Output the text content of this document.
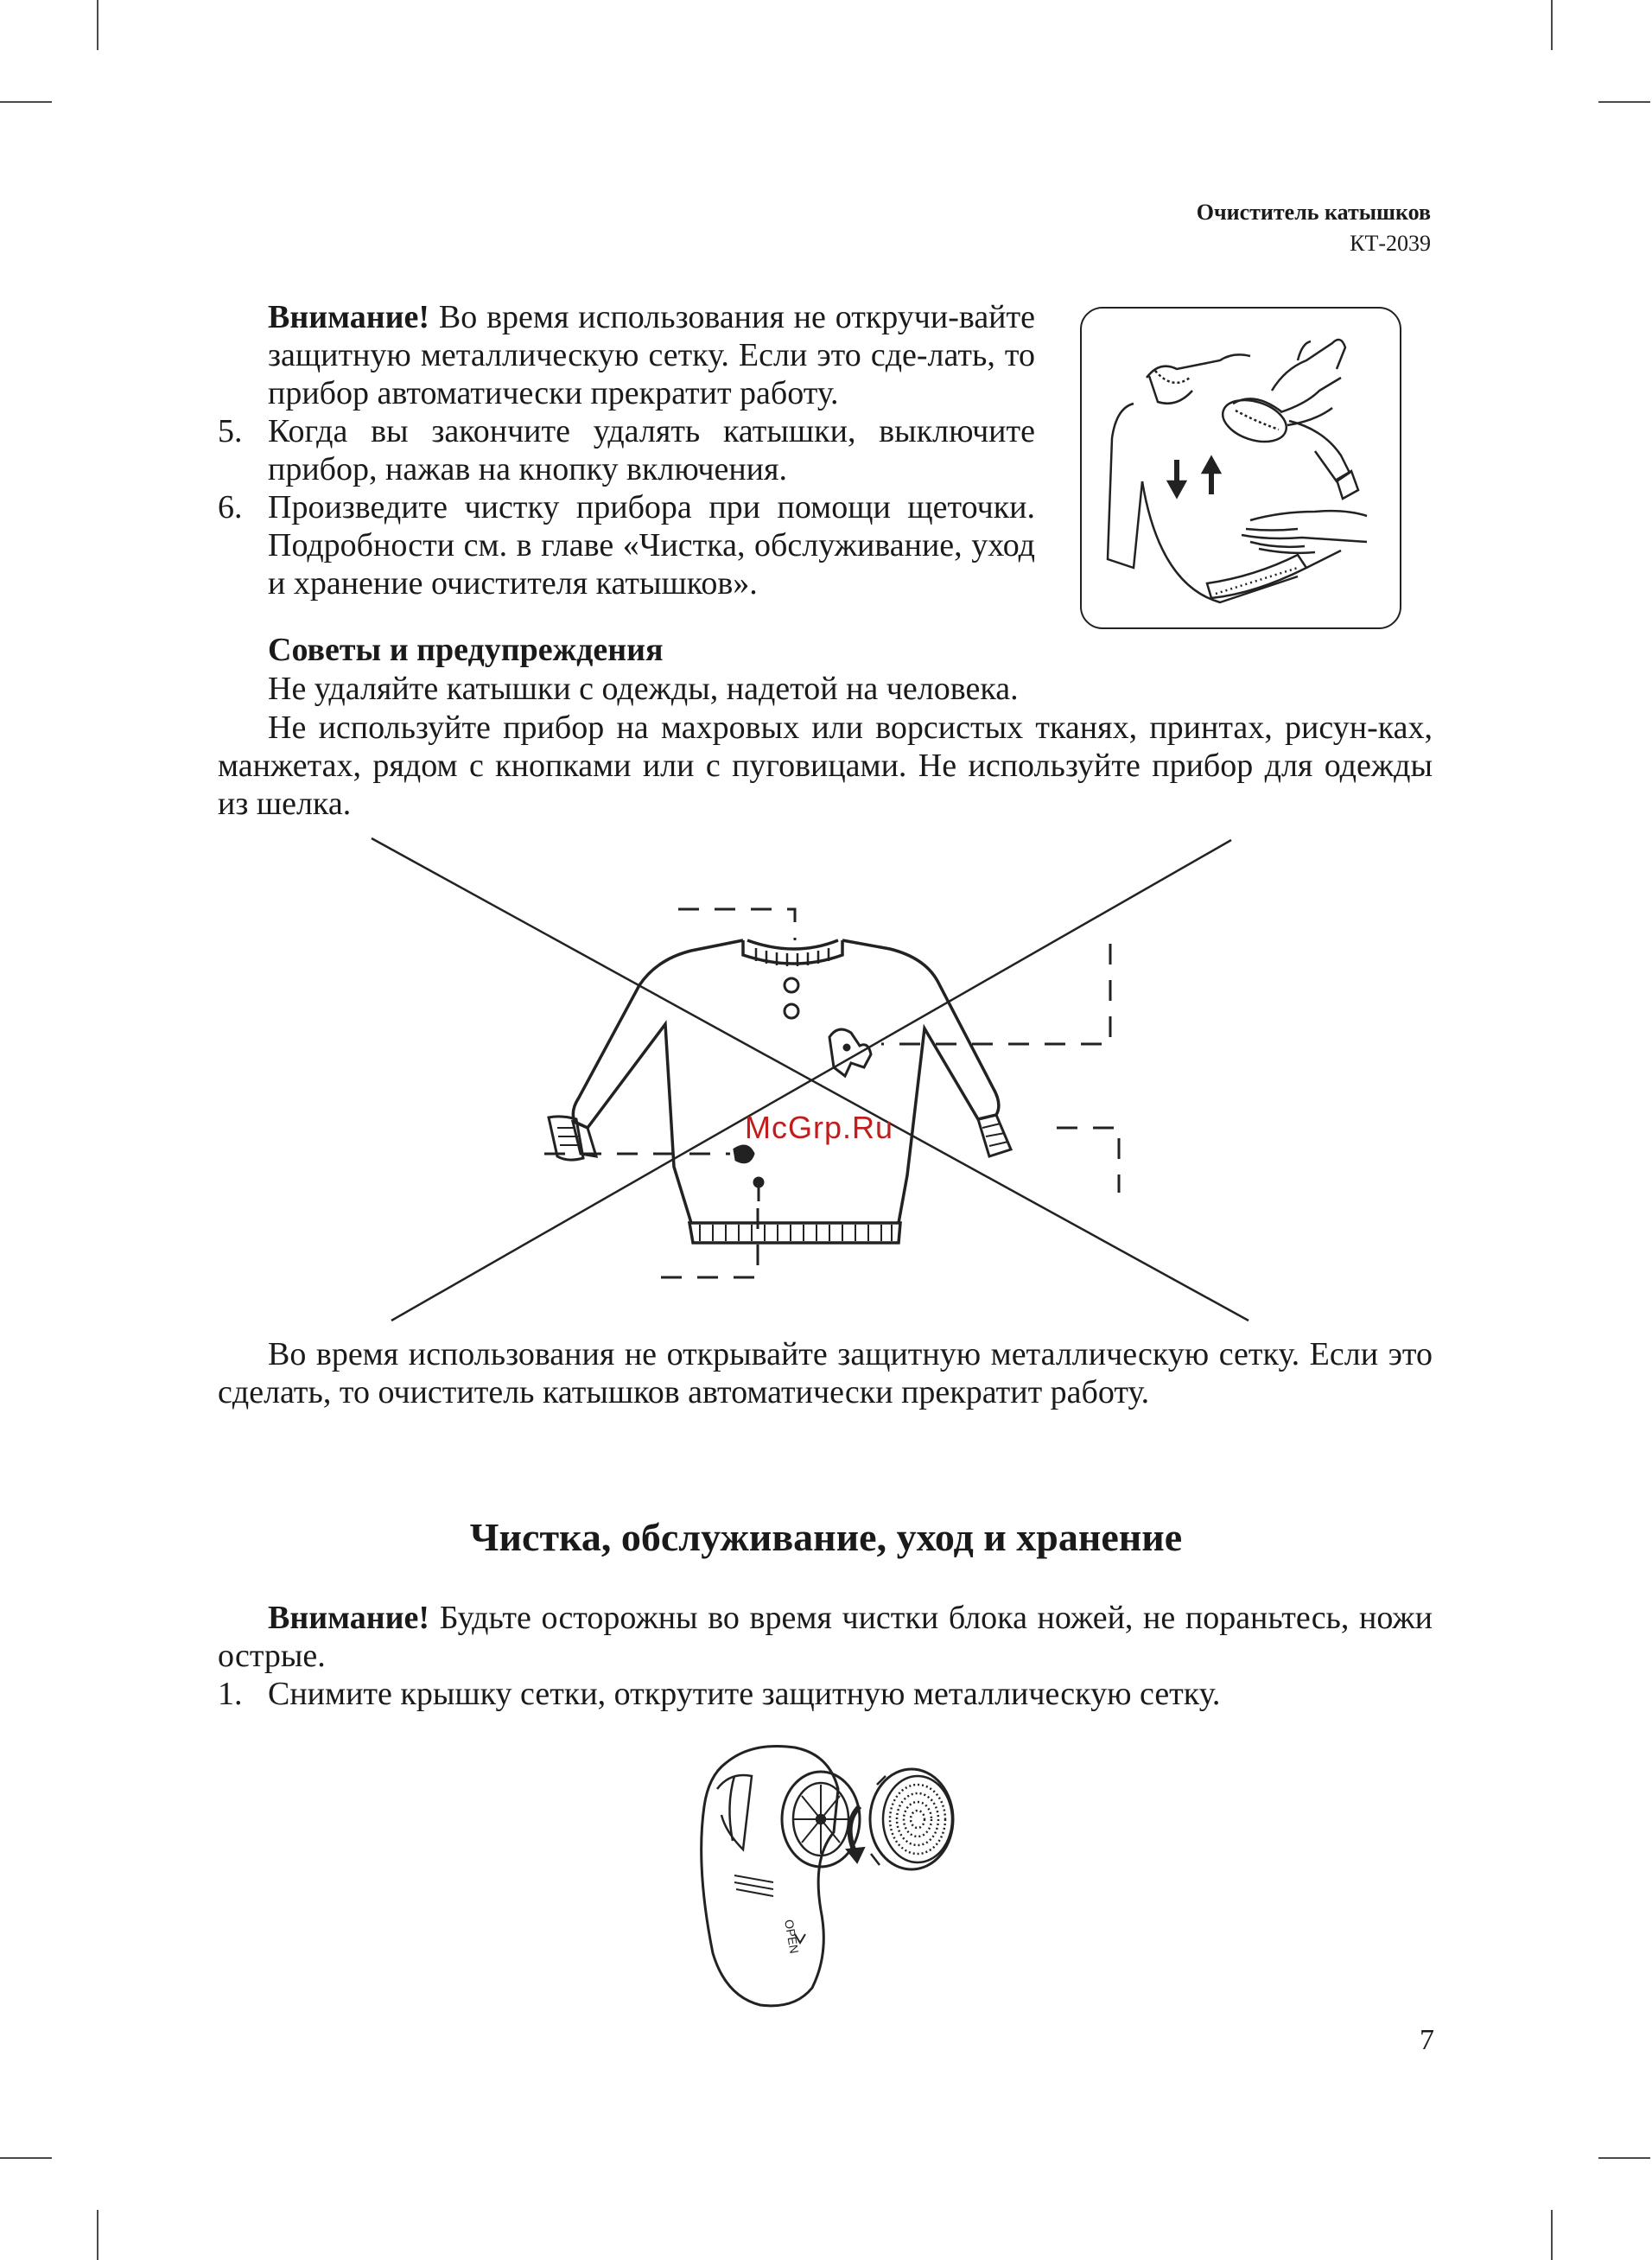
Очиститель катышков
КТ-2039

Внимание! Во время использования не откручи-вайте защитную металлическую сетку. Если это сде-лать, то прибор автоматически прекратит работу.

5. Когда вы закончите удалять катышки, выключите прибор, нажав на кнопку включения.
6. Произведите чистку прибора при помощи щеточки. Подробности см. в главе «Чистка, обслуживание, уход и хранение очистителя катышков».
Советы и предупреждения
Не удаляйте катышки с одежды, надетой на человека.
Не используйте прибор на махровых или ворсистых тканях, принтах, рисун-ках, манжетах, рядом с кнопками или с пуговицами. Не используйте прибор для одежды из шелка.
McGrp.Ru
Во время использования не открывайте защитную металлическую сетку. Если это сделать, то очиститель катышков автоматически прекратит работу.
Чистка, обслуживание, уход и хранение
Внимание! Будьте осторожны во время чистки блока ножей, не пораньтесь, ножи острые.
1. Снимите крышку сетки, открутите защитную металлическую сетку.
OPEN
7
